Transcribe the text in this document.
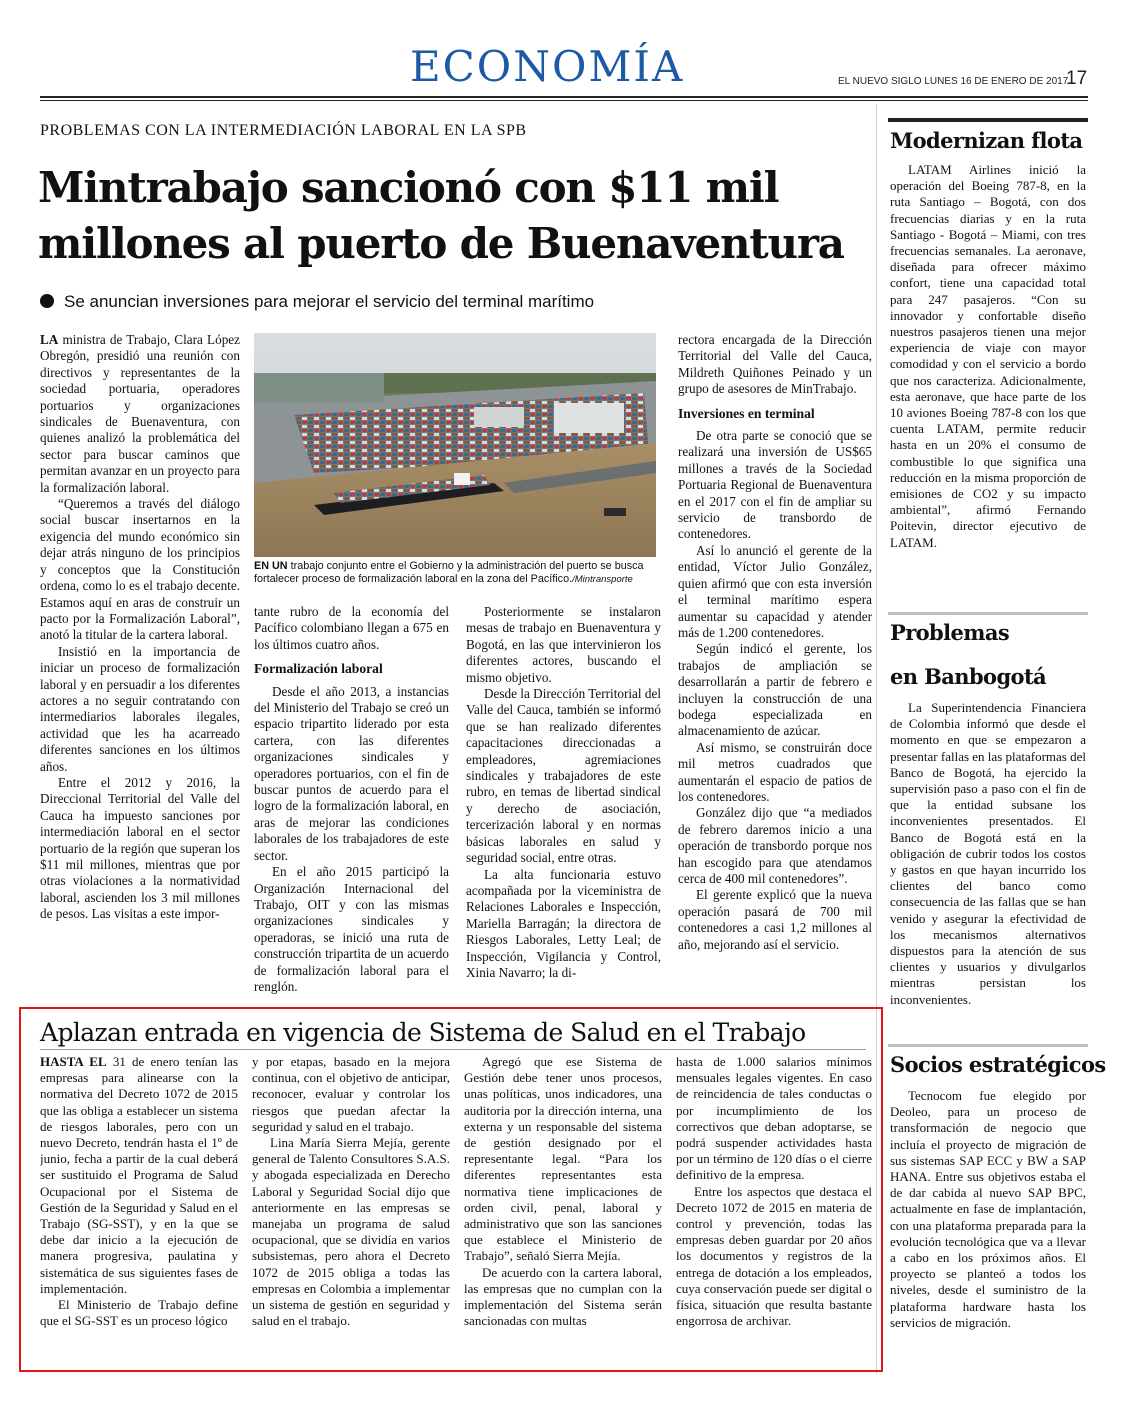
ECONOMÍA	EL NUEVO SIGLO LUNES 16 DE ENERO DE 2017
17
PROBLEMAS CON LA INTERMEDIACIÓN LABORAL EN LA SPB
Mintrabajo sancionó con $11 mil millones al puerto de Buenaventura
Se anuncian inversiones para mejorar el servicio del terminal marítimo

LA ministra de Trabajo, Clara López Obregón, presidió una reunión con directivos y representantes de la sociedad portuaria, operadores portuarios y organizaciones sindicales de Buenaventura, con quienes analizó la problemática del sector para buscar caminos que permitan avanzar en un proyecto para la formalización laboral.

“Queremos a través del diálogo social buscar insertarnos en la exigencia del mundo económico sin dejar atrás ninguno de los principios y conceptos que la Constitución ordena, como lo es el trabajo decente. Estamos aquí en aras de construir un pacto por la Formalización Laboral”, anotó la titular de la cartera laboral.

Insistió en la importancia de iniciar un proceso de formalización laboral y en persuadir a los diferentes actores a no seguir contratando con intermediarios laborales ilegales, actividad que les ha acarreado diferentes sanciones en los últimos años.

Entre el 2012 y 2016, la Direccional Territorial del Valle del Cauca ha impuesto sanciones por intermediación laboral en el sector portuario de la región que superan los $11 mil millones, mientras que por otras violaciones a la normatividad laboral, ascienden los 3 mil millones de pesos. Las visitas a este impor-

EN UN trabajo conjunto entre el Gobierno y la administración del puerto se busca fortalecer proceso de formalización laboral en la zona del Pacífico./Mintransporte

tante rubro de la economía del Pacífico colombiano llegan a 675 en los últimos cuatro años.

Formalización laboral

Desde el año 2013, a instancias del Ministerio del Trabajo se creó un espacio tripartito liderado por esta cartera, con las diferentes organizaciones sindicales y operadores portuarios, con el fin de buscar puntos de acuerdo para el logro de la formalización laboral, en aras de mejorar las condiciones laborales de los trabajadores de este sector.

En el año 2015 participó la Organización Internacional del Trabajo, OIT y con las mismas organizaciones sindicales y operadoras, se inició una ruta de construcción tripartita de un acuerdo de formalización laboral para el renglón.

Posteriormente se instalaron mesas de trabajo en Buenaventura y Bogotá, en las que intervinieron los diferentes actores, buscando el mismo objetivo.

Desde la Dirección Territorial del Valle del Cauca, también se informó que se han realizado diferentes capacitaciones direccionadas a empleadores, agremiaciones sindicales y trabajadores de este rubro, en temas de libertad sindical y derecho de asociación, tercerización laboral y en normas básicas laborales en salud y seguridad social, entre otras.

La alta funcionaria estuvo acompañada por la viceministra de Relaciones Laborales e Inspección, Mariella Barragán; la directora de Riesgos Laborales, Letty Leal; de Inspección, Vigilancia y Control, Xinia Navarro; la di-

rectora encargada de la Dirección Territorial del Valle del Cauca, Mildreth Quiñones Peinado y un grupo de asesores de MinTrabajo.

Inversiones en terminal

De otra parte se conoció que se realizará una inversión de US$65 millones a través de la Sociedad Portuaria Regional de Buenaventura en el 2017 con el fin de ampliar su servicio de transbordo de contenedores.

Así lo anunció el gerente de la entidad, Víctor Julio González, quien afirmó que con esta inversión el terminal marítimo espera aumentar su capacidad y atender más de 1.200 contenedores.

Según indicó el gerente, los trabajos de ampliación se desarrollarán a partir de febrero e incluyen la construcción de una bodega especializada en almacenamiento de azúcar.

Así mismo, se construirán doce mil metros cuadrados que aumentarán el espacio de patios de los contenedores.

González dijo que “a mediados de febrero daremos inicio a una operación de transbordo porque nos han escogido para que atendamos cerca de 400 mil contenedores”.

El gerente explicó que la nueva operación pasará de 700 mil contenedores a casi 1,2 millones al año, mejorando así el servicio.

Modernizan flota

LATAM Airlines inició la operación del Boeing 787-8, en la ruta Santiago – Bogotá, con dos frecuencias diarias y en la ruta Santiago - Bogotá – Miami, con tres frecuencias semanales. La aeronave, diseñada para ofrecer máximo confort, tiene una capacidad total para 247 pasajeros. “Con su innovador y confortable diseño nuestros pasajeros tienen una mejor experiencia de viaje con mayor comodidad y con el servicio a bordo que nos caracteriza. Adicionalmente, esta aeronave, que hace parte de los 10 aviones Boeing 787-8 con los que cuenta LATAM, permite reducir hasta en un 20% el consumo de combustible lo que significa una reducción en la misma proporción de emisiones de CO2 y su impacto ambiental”, afirmó Fernando Poitevin, director ejecutivo de LATAM.

Problemas
en Banbogotá

La Superintendencia Financiera de Colombia informó que desde el momento en que se empezaron a presentar fallas en las plataformas del Banco de Bogotá, ha ejercido la supervisión paso a paso con el fin de que la entidad subsane los inconvenientes presentados. El Banco de Bogotá está en la obligación de cubrir todos los costos y gastos en que hayan incurrido los clientes del banco como consecuencia de las fallas que se han venido y asegurar la efectividad de los mecanismos alternativos dispuestos para la atención de sus clientes y usuarios y divulgarlos mientras persistan los inconvenientes.

Socios estratégicos

Tecnocom fue elegido por Deoleo, para un proceso de transformación de negocio que incluía el proyecto de migración de sus sistemas SAP ECC y BW a SAP HANA. Entre sus objetivos estaba el de dar cabida al nuevo SAP BPC, actualmente en fase de implantación, con una plataforma preparada para la evolución tecnológica que va a llevar a cabo en los próximos años. El proyecto se planteó a todos los niveles, desde el suministro de la plataforma hardware hasta los servicios de migración.

Aplazan entrada en vigencia de Sistema de Salud en el Trabajo

HASTA EL 31 de enero tenían las empresas para alinearse con la normativa del Decreto 1072 de 2015 que las obliga a establecer un sistema de riesgos laborales, pero con un nuevo Decreto, tendrán hasta el 1º de junio, fecha a partir de la cual deberá ser sustituido el Programa de Salud Ocupacional por el Sistema de Gestión de la Seguridad y Salud en el Trabajo (SG-SST), y en la que se debe dar inicio a la ejecución de manera progresiva, paulatina y sistemática de sus siguientes fases de implementación.

El Ministerio de Trabajo define que el SG-SST es un proceso lógico

y por etapas, basado en la mejora continua, con el objetivo de anticipar, reconocer, evaluar y controlar los riesgos que puedan afectar la seguridad y salud en el trabajo.

Lina María Sierra Mejía, gerente general de Talento Consultores S.A.S. y abogada especializada en Derecho Laboral y Seguridad Social dijo que anteriormente en las empresas se manejaba un programa de salud ocupacional, que se dividía en varios subsistemas, pero ahora el Decreto 1072 de 2015 obliga a todas las empresas en Colombia a implementar un sistema de gestión en seguridad y salud en el trabajo.

Agregó que ese Sistema de Gestión debe tener unos procesos, unas políticas, unos indicadores, una auditoria por la dirección interna, una externa y un responsable del sistema de gestión designado por el representante legal. “Para los diferentes representantes esta normativa tiene implicaciones de orden civil, penal, laboral y administrativo que son las sanciones que establece el Ministerio de Trabajo”, señaló Sierra Mejía.

De acuerdo con la cartera laboral, las empresas que no cumplan con la implementación del Sistema serán sancionadas con multas

hasta de 1.000 salarios mínimos mensuales legales vigentes. En caso de reincidencia de tales conductas o por incumplimiento de los correctivos que deban adoptarse, se podrá suspender actividades hasta por un término de 120 días o el cierre definitivo de la empresa.

Entre los aspectos que destaca el Decreto 1072 de 2015 en materia de control y prevención, todas las empresas deben guardar por 20 años los documentos y registros de la entrega de dotación a los empleados, cuya conservación puede ser digital o física, situación que resulta bastante engorrosa de archivar.
